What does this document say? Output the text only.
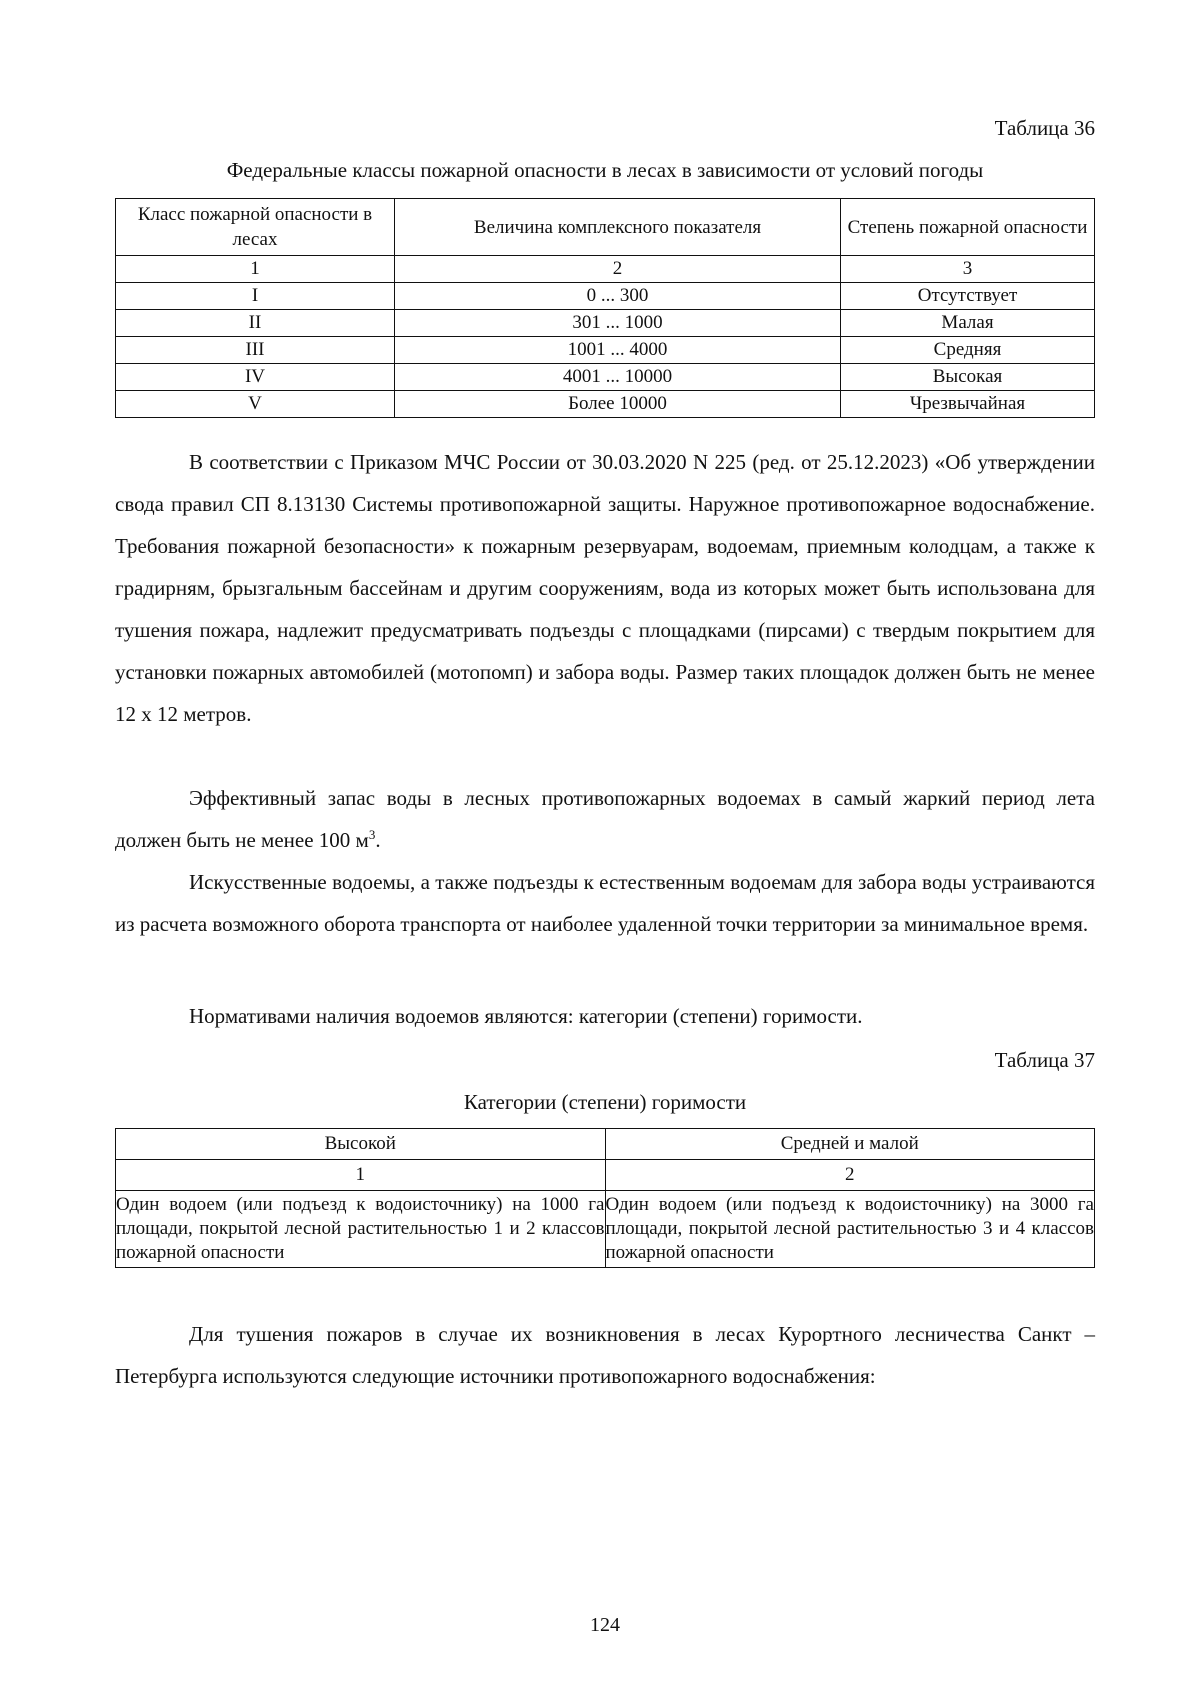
Таблица 36
Федеральные классы пожарной опасности в лесах в зависимости от условий погоды
Класс пожарной опасности в лесах	Величина комплексного показателя	Степень пожарной опасности
1	2	3
I	0 ... 300	Отсутствует
II	301 ... 1000	Малая
III	1001 ... 4000	Средняя
IV	4001 ... 10000	Высокая
V	Более 10000	Чрезвычайная

В соответствии с Приказом МЧС России от 30.03.2020 N 225 (ред. от 25.12.2023) «Об утверждении свода правил СП 8.13130 Системы противопожарной защиты. Наружное противопожарное водоснабжение. Требования пожарной безопасности» к пожарным резервуарам, водоемам, приемным колодцам, а также к градирням, брызгальным бассейнам и другим сооружениям, вода из которых может быть использована для тушения пожара, надлежит предусматривать подъезды с площадками (пирсами) с твердым покрытием для установки пожарных автомобилей (мотопомп) и забора воды. Размер таких площадок должен быть не менее 12 х 12 метров.

Эффективный запас воды в лесных противопожарных водоемах в самый жаркий период лета должен быть не менее 100 $м^3$.

Искусственные водоемы, а также подъезды к естественным водоемам для забора воды устраиваются из расчета возможного оборота транспорта от наиболее удаленной точки территории за минимальное время.

Нормативами наличия водоемов являются: категории (степени) горимости.

Таблица 37
Категории (степени) горимости
Высокой	Средней и малой
1	2
Один водоем (или подъезд к водоисточнику) на 1000 га площади, покрытой лесной растительностью 1 и 2 классов пожарной опасности	Один водоем (или подъезд к водоисточнику) на 3000 га площади, покрытой лесной растительностью 3 и 4 классов пожарной опасности

Для тушения пожаров в случае их возникновения в лесах Курортного лесничества Санкт – Петербурга используются следующие источники противопожарного водоснабжения:

124
